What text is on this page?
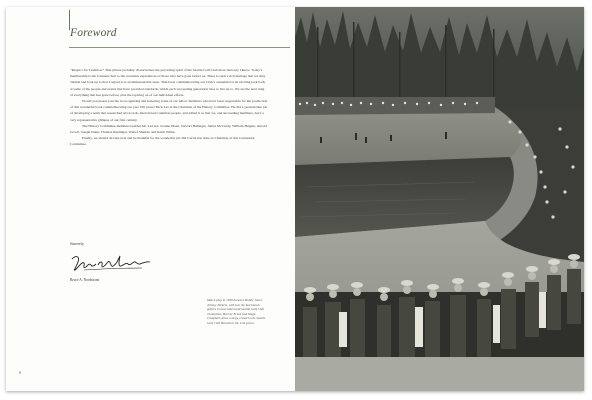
Foreword

“Respect for Tradition.” This phrase probably characterizes the pervading spirit of the Seattle Golf Club more than any I know. Today’s membership is the fortunate heir to the countless experiences of those who have gone before us. There is such a rich heritage that we may cherish and look up to that I regard it as an immeasurable asset. This book commemorating our Club’s centennial is an exciting look back at some of the people and events that have provided standards, which each succeeding generation tries to live up to. We are the next rung of everything that has gone before, plus the layering on of our individual efforts.

Would you please join me in recognizing and honoring some of our fellow members who have been responsible for the production of this wonderful book commemorating our past 100 years? Dick Lea is the Chairman of the History Committee. He did a yeoman-like job of developing a team that researched all records, interviewed countless people, and edited it so that we, and succeeding members, have a very representative glimpse of our first century.

The History Committee members besides Mr. Lea are: Joanne Olsen, Stewart Ballinger, James McCurdy, William Huppin, Arnold Gowlt, Joseph Dunn, Thomas Riedinger, Walter Shields, and Keith White.

Finally, we should all take note and be thankful for the wonderful job Jim Currie has done as Chairman of this Centennial Committee.

Sincerely,
Bruce A. Nordstrom
Match play in 1936 between Bobby Jones, Johnny Nickels, with two the last known golfers to have taken and Seattle Golf Club champions, Harvey Ermst and Stapp Campbell, draw a large crowd to the Seattle Golf Club Hawaii to the 11th green.
6
